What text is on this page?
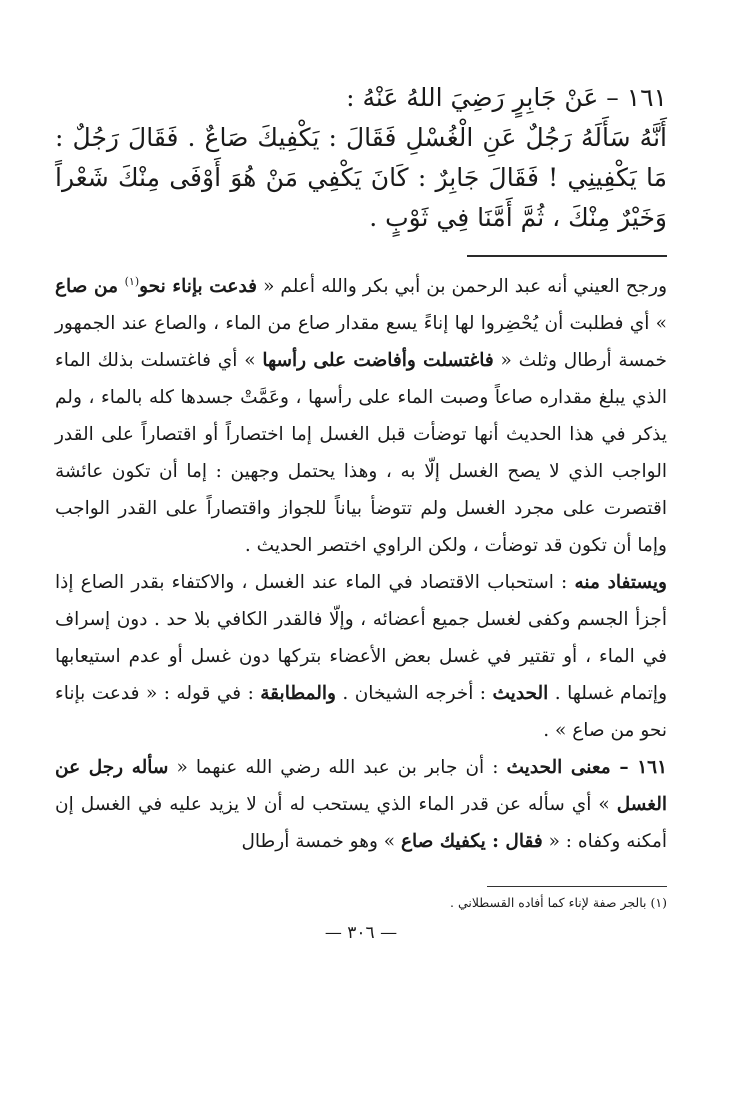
١٦١ – عَنْ جَابِرٍ رَضِيَ اللهُ عَنْهُ :

أَنَّهُ سَأَلَهُ رَجُلٌ عَنِ الْغُسْلِ فَقَالَ : يَكْفِيكَ صَاعٌ . فَقَالَ رَجُلٌ : مَا يَكْفِينِي ! فَقَالَ جَابِرٌ : كَانَ يَكْفِي مَنْ هُوَ أَوْفَى مِنْكَ شَعْراً وَخَيْرٌ مِنْكَ ، ثُمَّ أَمَّنَا فِي ثَوْبٍ .

ورجح العيني أنه عبد الرحمن بن أبي بكر والله أعلم « فدعت بإناء نحو$^{(١)}$ من صاع » أي فطلبت أن يُحْضِروا لها إناءً يسع مقدار صاع من الماء ، والصاع عند الجمهور خمسة أرطال وثلث « فاغتسلت وأفاضت على رأسها » أي فاغتسلت بذلك الماء الذي يبلغ مقداره صاعاً وصبت الماء على رأسها ، وعَمَّتْ جسدها كله بالماء ، ولم يذكر في هذا الحديث أنها توضأت قبل الغسل إما اختصاراً أو اقتصاراً على القدر الواجب الذي لا يصح الغسل إلّا به ، وهذا يحتمل وجهين : إما أن تكون عائشة اقتصرت على مجرد الغسل ولم تتوضأ بياناً للجواز واقتصاراً على القدر الواجب وإما أن تكون قد توضأت ، ولكن الراوي اختصر الحديث .

ويستفاد منه : استحباب الاقتصاد في الماء عند الغسل ، والاكتفاء بقدر الصاع إذا أجزأ الجسم وكفى لغسل جميع أعضائه ، وإلّا فالقدر الكافي بلا حد . دون إسراف في الماء ، أو تقتير في غسل بعض الأعضاء بتركها دون غسل أو عدم استيعابها وإتمام غسلها . الحديث : أخرجه الشيخان . والمطابقة : في قوله : « فدعت بإناء نحو من صاع » .

١٦١ – معنى الحديث : أن جابر بن عبد الله رضي الله عنهما « سأله رجل عن الغسل » أي سأله عن قدر الماء الذي يستحب له أن لا يزيد عليه في الغسل إن أمكنه وكفاه : « فقال : يكفيك صاع » وهو خمسة أرطال

(١) بالجر صفة لإناء كما أفاده القسطلاني .

— ٣٠٦ —
